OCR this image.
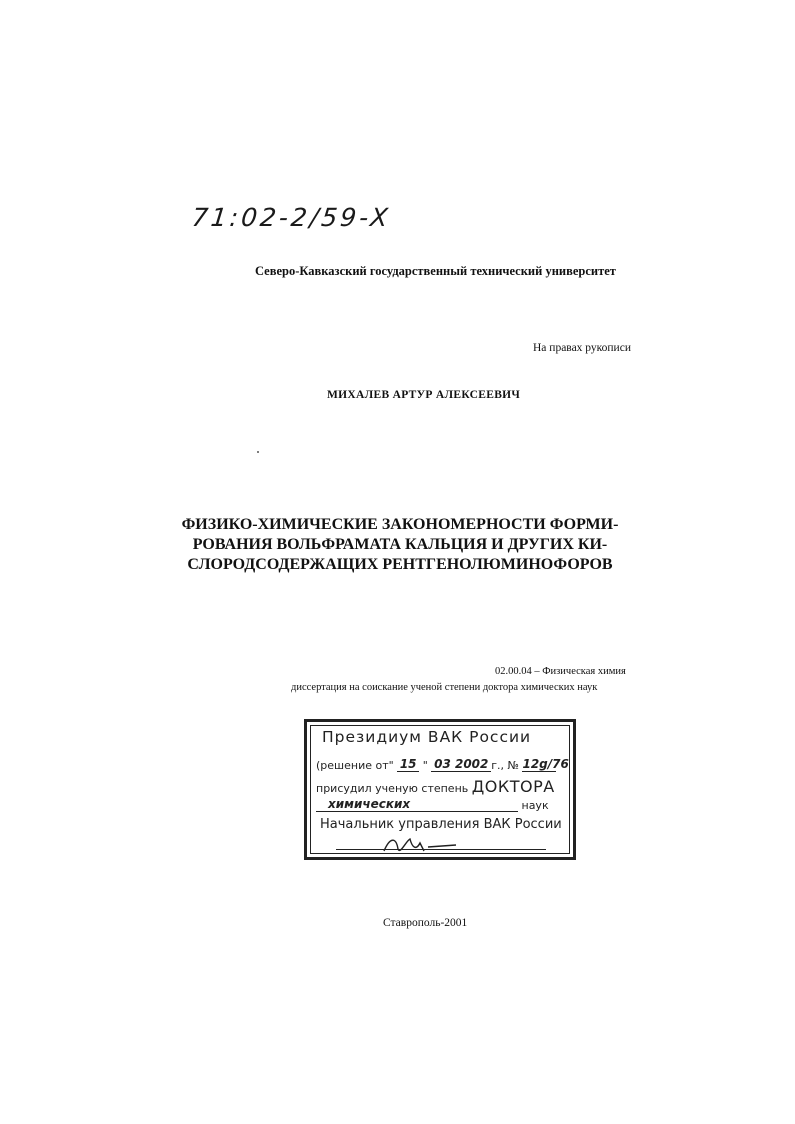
71:02-2/59-X
Северо-Кавказский государственный технический университет
На правах рукописи
МИХАЛЕВ АРТУР АЛЕКСЕЕВИЧ
ФИЗИКО-ХИМИЧЕСКИЕ ЗАКОНОМЕРНОСТИ ФОРМИ-
РОВАНИЯ ВОЛЬФРАМАТА КАЛЬЦИЯ И ДРУГИХ КИ-
СЛОРОДСОДЕРЖАЩИХ РЕНТГЕНОЛЮМИНОФОРОВ
02.00.04 – Физическая химия
диссертация на соискание ученой степени доктора химических наук
Президиум ВАК России
(решение от" 15 " 03 2002 г., № 12g/76
присудил ученую степень ДОКТОРА
химических	наук
Начальник управления ВАК России
Ставрополь-2001
